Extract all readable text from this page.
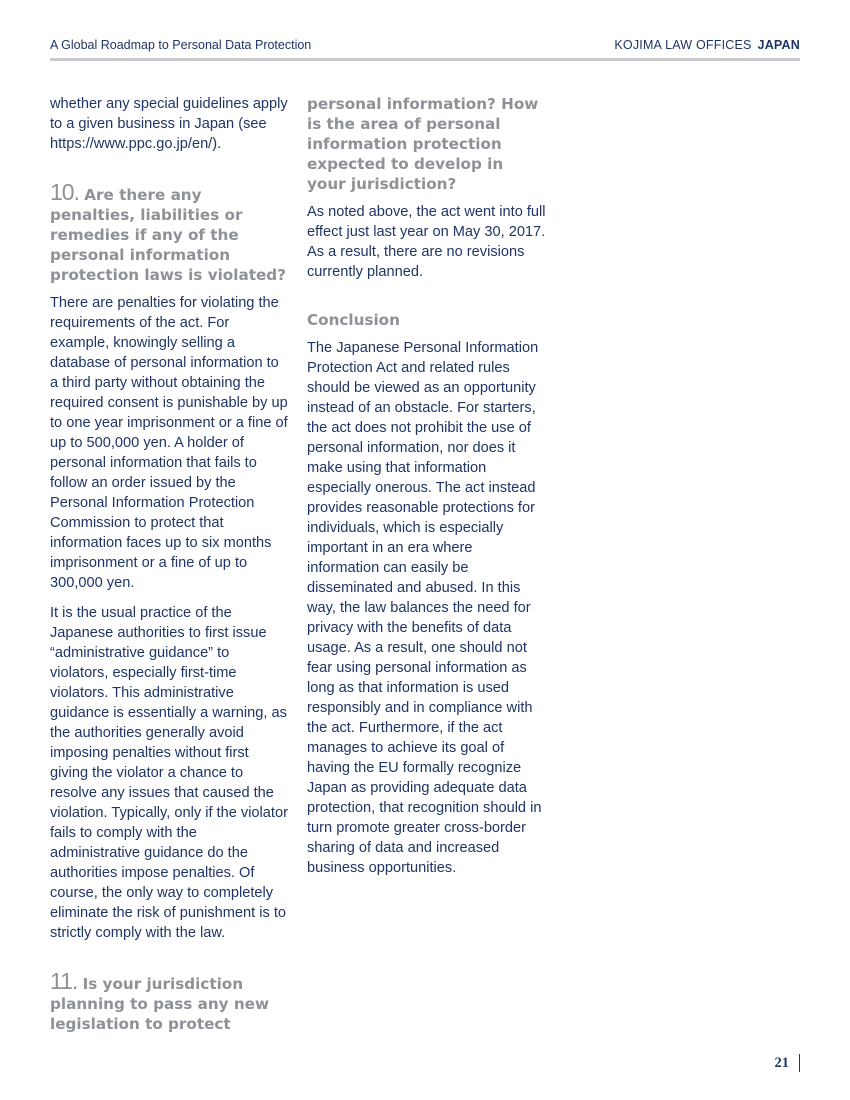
A Global Roadmap to Personal Data Protection	KOJIMA LAW OFFICES JAPAN

whether any special guidelines apply to a given business in Japan (see https://www.ppc.go.jp/en/).

10. Are there any penalties, liabilities or remedies if any of the personal information protection laws is violated?

There are penalties for violating the requirements of the act. For example, knowingly selling a database of personal information to a third party without obtaining the required consent is punishable by up to one year imprisonment or a fine of up to 500,000 yen. A holder of personal information that fails to follow an order issued by the Personal Information Protection Commission to protect that information faces up to six months imprisonment or a fine of up to 300,000 yen.

It is the usual practice of the Japanese authorities to first issue “administrative guidance” to violators, especially first-time violators. This administrative guidance is essentially a warning, as the authorities generally avoid imposing penalties without first giving the violator a chance to resolve any issues that caused the violation. Typically, only if the violator fails to comply with the administrative guidance do the authorities impose penalties. Of course, the only way to completely eliminate the risk of punishment is to strictly comply with the law.

11. Is your jurisdiction planning to pass any new legislation to protect
personal information? How is the area of personal information protection expected to develop in your jurisdiction?

As noted above, the act went into full effect just last year on May 30, 2017. As a result, there are no revisions currently planned.

Conclusion

The Japanese Personal Information Protection Act and related rules should be viewed as an opportunity instead of an obstacle. For starters, the act does not prohibit the use of personal information, nor does it make using that information especially onerous. The act instead provides reasonable protections for individuals, which is especially important in an era where information can easily be disseminated and abused. In this way, the law balances the need for privacy with the benefits of data usage. As a result, one should not fear using personal information as long as that information is used responsibly and in compliance with the act. Furthermore, if the act manages to achieve its goal of having the EU formally recognize Japan as providing adequate data protection, that recognition should in turn promote greater cross-border sharing of data and increased business opportunities.

21
